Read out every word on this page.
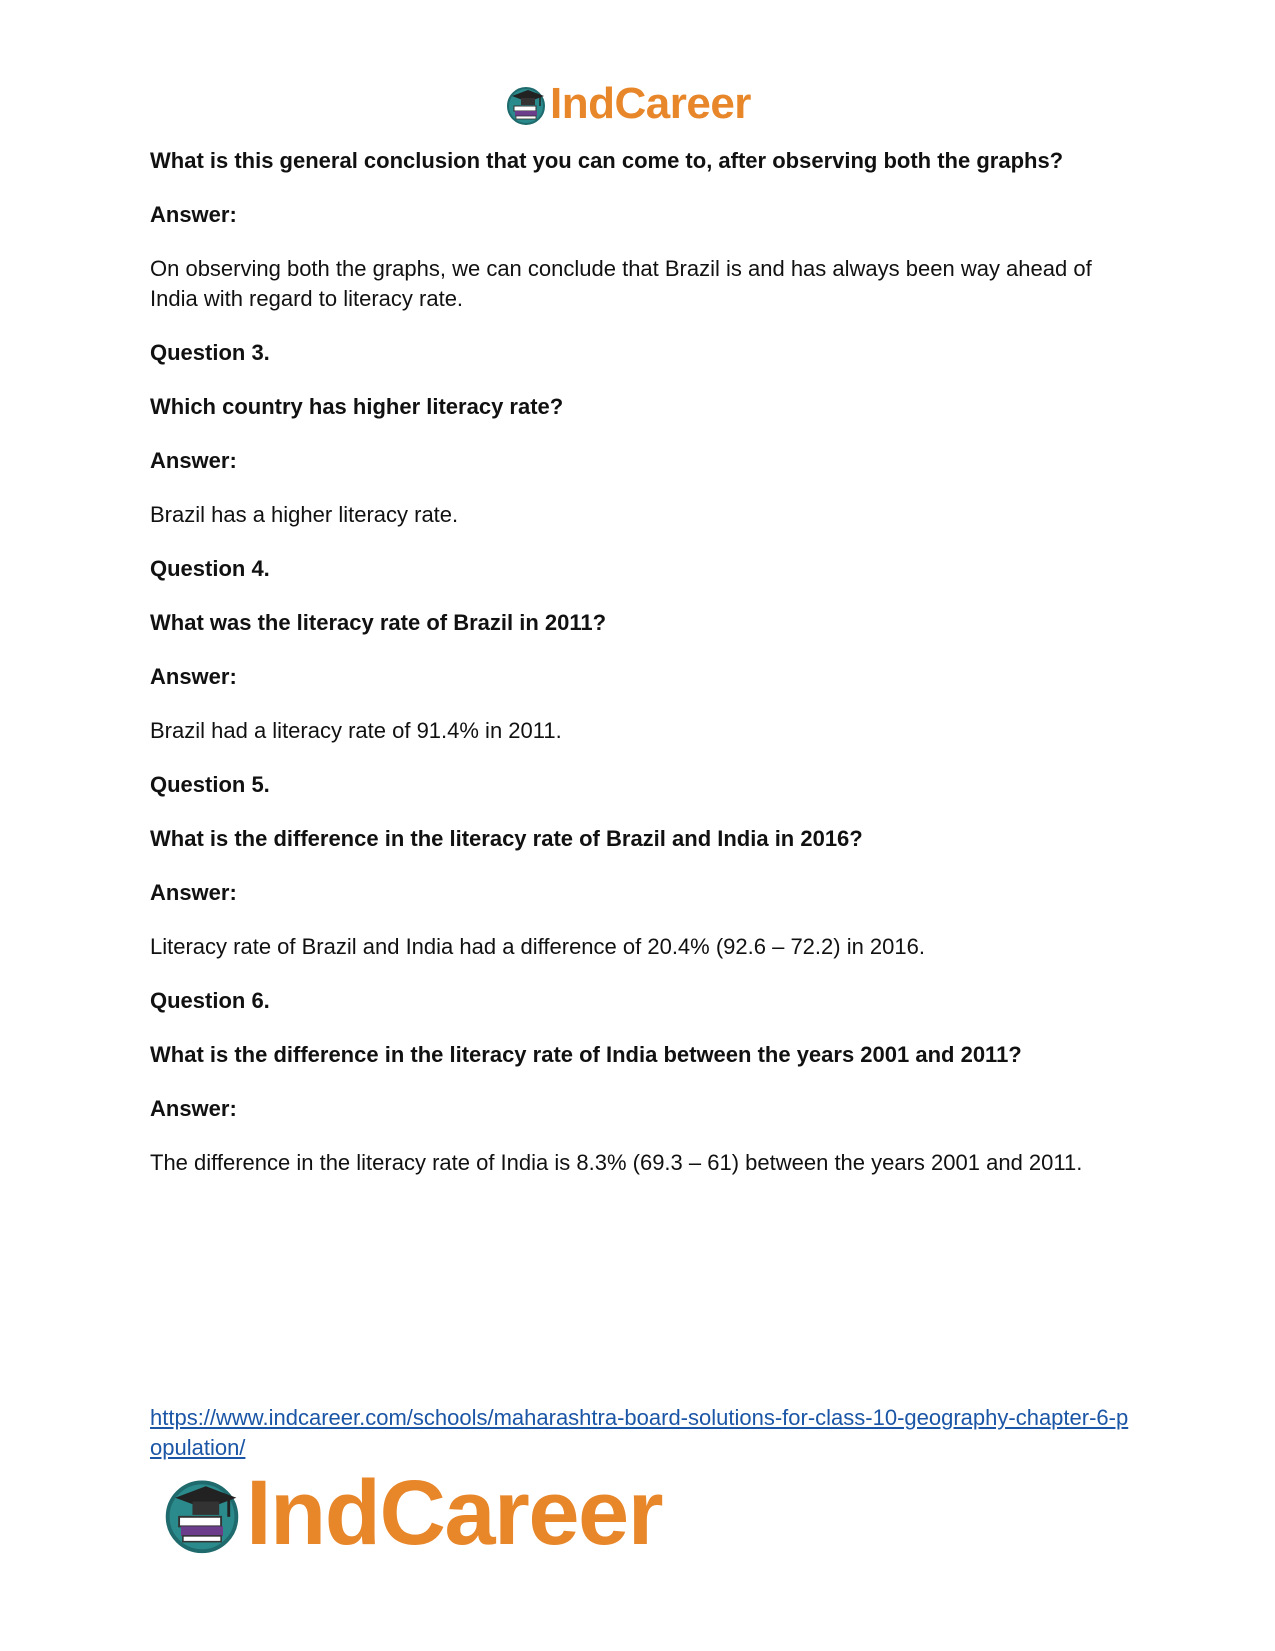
IndCareer
What is this general conclusion that you can come to, after observing both the graphs?
Answer:
On observing both the graphs, we can conclude that Brazil is and has always been way ahead of India with regard to literacy rate.
Question 3.
Which country has higher literacy rate?
Answer:
Brazil has a higher literacy rate.
Question 4.
What was the literacy rate of Brazil in 2011?
Answer:
Brazil had a literacy rate of 91.4% in 2011.
Question 5.
What is the difference in the literacy rate of Brazil and India in 2016?
Answer:
Literacy rate of Brazil and India had a difference of 20.4% (92.6 – 72.2) in 2016.
Question 6.
What is the difference in the literacy rate of India between the years 2001 and 2011?
Answer:
The difference in the literacy rate of India is 8.3% (69.3 – 61) between the years 2001 and 2011.
https://www.indcareer.com/schools/maharashtra-board-solutions-for-class-10-geography-chapter-6-population/
IndCareer
